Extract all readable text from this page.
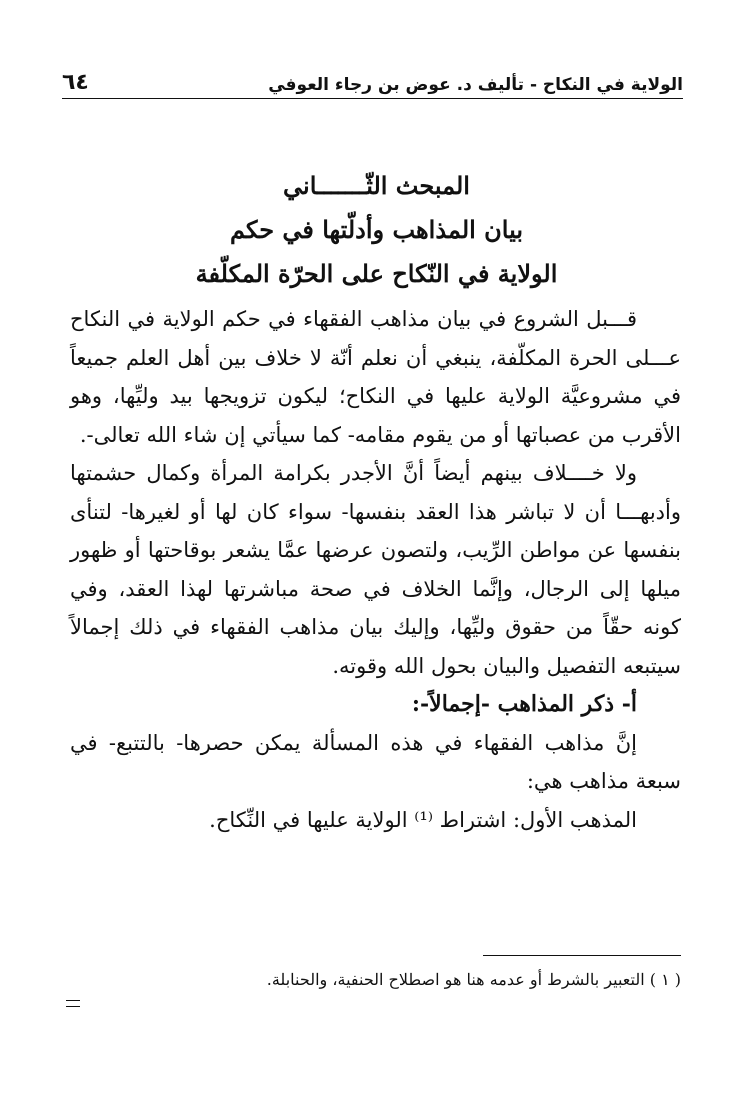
الولاية في النكاح - تأليف د. عوض بن رجاء العوفي
٦٤
المبحث الثّـــــــاني
بيان المذاهب وأدلّتها في حكم
الولاية في النّكاح على الحرّة المكلّفة

قـــبل الشروع في بيان مذاهب الفقهاء في حكم الولاية في النكاح عـــلى الحرة المكلّفة، ينبغي أن نعلم أنّة لا خلاف بين أهل العلم جميعاً في مشروعيَّة الولاية عليها في النكاح؛ ليكون تزويجها بيد وليِّها، وهو الأقرب من عصباتها أو من يقوم مقامه- كما سيأتي إن شاء الله تعالى-.

ولا خــــلاف بينهم أيضاً أنَّ الأجدر بكرامة المرأة وكمال حشمتها وأدبهـــا أن لا تباشر هذا العقد بنفسها- سواء كان لها أو لغيرها- لتنأى بنفسها عن مواطن الرِّيب، ولتصون عرضها عمَّا يشعر بوقاحتها أو ظهور ميلها إلى الرجال، وإنَّما الخلاف في صحة مباشرتها لهذا العقد، وفي كونه حقّاً من حقوق وليِّها، وإليك بيان مذاهب الفقهاء في ذلك إجمالاً سيتبعه التفصيل والبيان بحول الله وقوته.

أ- ذكر المذاهب -إجمالاً-:

إنَّ مذاهب الفقهاء في هذه المسألة يمكن حصرها- بالتتبع- في سبعة مذاهب هي:

المذهب الأول: اشتراط ⁽¹⁾ الولاية عليها في النِّكاح.

( ١ ) التعبير بالشرط أو عدمه هنا هو اصطلاح الحنفية، والحنابلة.
